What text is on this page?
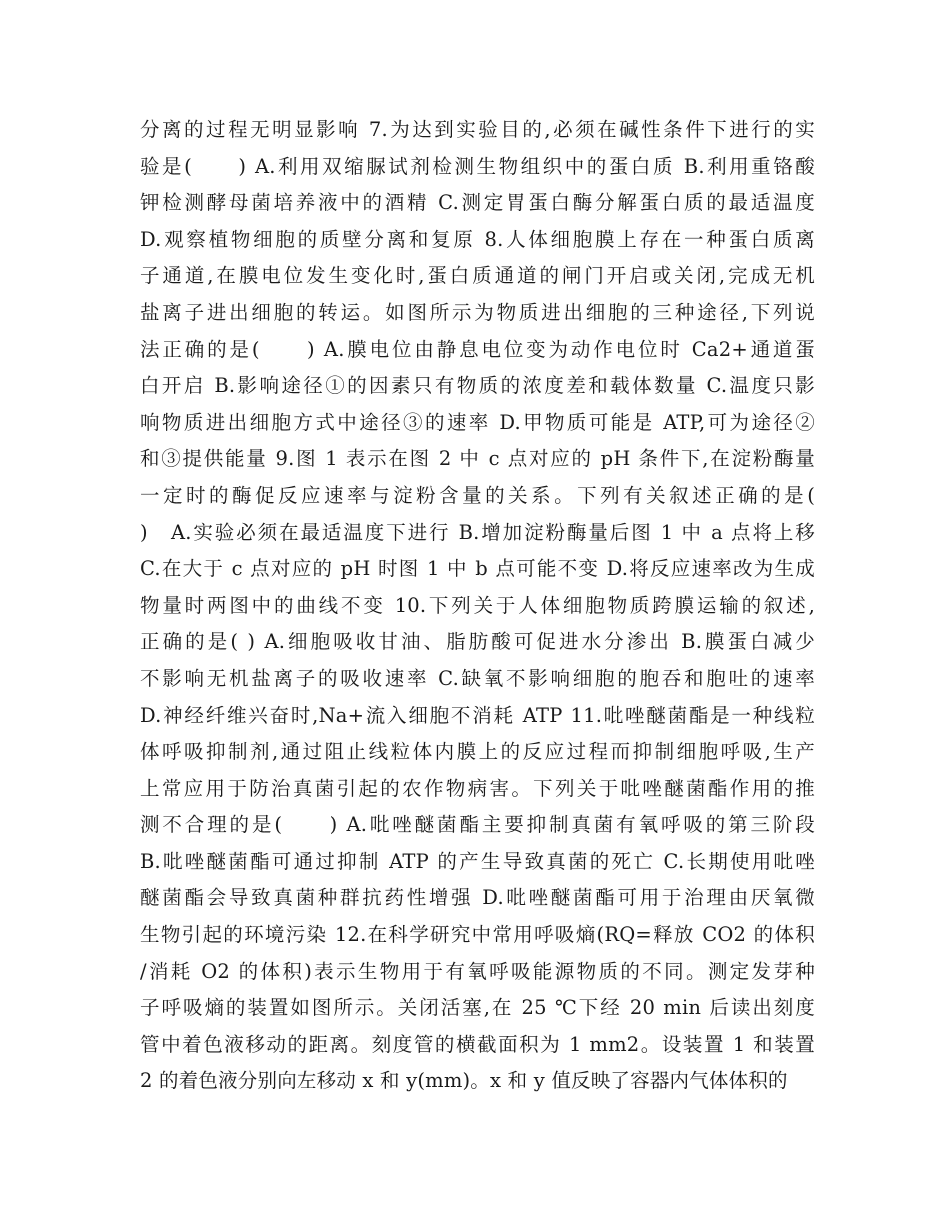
分离的过程无明显影响 7.为达到实验目的,必须在碱性条件下进行的实
验是(　　) A.利用双缩脲试剂检测生物组织中的蛋白质 B.利用重铬酸
钾检测酵母菌培养液中的酒精 C.测定胃蛋白酶分解蛋白质的最适温度
D.观察植物细胞的质壁分离和复原 8.人体细胞膜上存在一种蛋白质离
子通道,在膜电位发生变化时,蛋白质通道的闸门开启或关闭,完成无机
盐离子进出细胞的转运。如图所示为物质进出细胞的三种途径,下列说
法正确的是(　　) A.膜电位由静息电位变为动作电位时 Ca2+通道蛋
白开启 B.影响途径①的因素只有物质的浓度差和载体数量 C.温度只影
响物质进出细胞方式中途径③的速率 D.甲物质可能是 ATP,可为途径②
和③提供能量 9.图 1 表示在图 2 中 c 点对应的 pH 条件下,在淀粉酶量
一定时的酶促反应速率与淀粉含量的关系。下列有关叙述正确的是(
)　A.实验必须在最适温度下进行 B.增加淀粉酶量后图 1 中 a 点将上移
C.在大于 c 点对应的 pH 时图 1 中 b 点可能不变 D.将反应速率改为生成
物量时两图中的曲线不变 10.下列关于人体细胞物质跨膜运输的叙述,
正确的是( ) A.细胞吸收甘油、脂肪酸可促进水分渗出 B.膜蛋白减少
不影响无机盐离子的吸收速率 C.缺氧不影响细胞的胞吞和胞吐的速率
D.神经纤维兴奋时,Na+流入细胞不消耗 ATP 11.吡唑醚菌酯是一种线粒
体呼吸抑制剂,通过阻止线粒体内膜上的反应过程而抑制细胞呼吸,生产
上常应用于防治真菌引起的农作物病害。下列关于吡唑醚菌酯作用的推
测不合理的是(　　) A.吡唑醚菌酯主要抑制真菌有氧呼吸的第三阶段
B.吡唑醚菌酯可通过抑制 ATP 的产生导致真菌的死亡 C.长期使用吡唑
醚菌酯会导致真菌种群抗药性增强 D.吡唑醚菌酯可用于治理由厌氧微
生物引起的环境污染 12.在科学研究中常用呼吸熵(RQ=释放 CO2 的体积
/消耗 O2 的体积)表示生物用于有氧呼吸能源物质的不同。测定发芽种
子呼吸熵的装置如图所示。关闭活塞,在 25 ℃下经 20 min 后读出刻度
管中着色液移动的距离。刻度管的横截面积为 1 mm2。设装置 1 和装置
2 的着色液分别向左移动 x 和 y(mm)。x 和 y 值反映了容器内气体体积的
